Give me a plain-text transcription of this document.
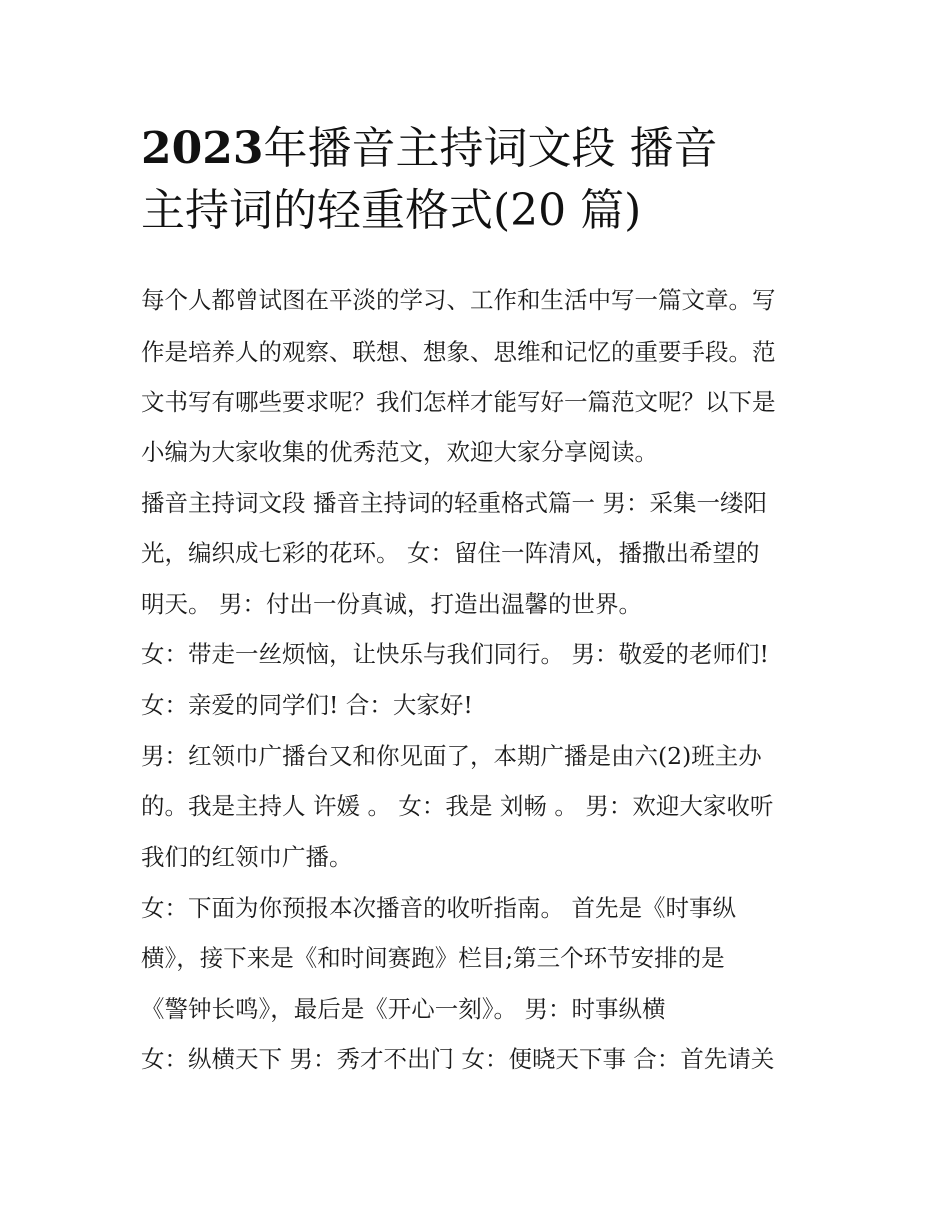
2023年播音主持词文段 播音
主持词的轻重格式(20 篇)

每个人都曾试图在平淡的学习、工作和生活中写一篇文章。写

作是培养人的观察、联想、想象、思维和记忆的重要手段。范

文书写有哪些要求呢？我们怎样才能写好一篇范文呢？以下是

小编为大家收集的优秀范文，欢迎大家分享阅读。

播音主持词文段 播音主持词的轻重格式篇一 男：采集一缕阳

光，编织成七彩的花环。 女：留住一阵清风，播撒出希望的

明天。 男：付出一份真诚，打造出温馨的世界。

女：带走一丝烦恼，让快乐与我们同行。 男：敬爱的老师们!

女：亲爱的同学们! 合：大家好!

男：红领巾广播台又和你见面了，本期广播是由六(2)班主办

的。我是主持人 许媛 。 女：我是 刘畅 。 男：欢迎大家收听

我们的红领巾广播。

女：下面为你预报本次播音的收听指南。 首先是《时事纵

横》，接下来是《和时间赛跑》栏目;第三个环节安排的是

《警钟长鸣》，最后是《开心一刻》。 男：时事纵横

女：纵横天下 男：秀才不出门 女：便晓天下事 合：首先请关
